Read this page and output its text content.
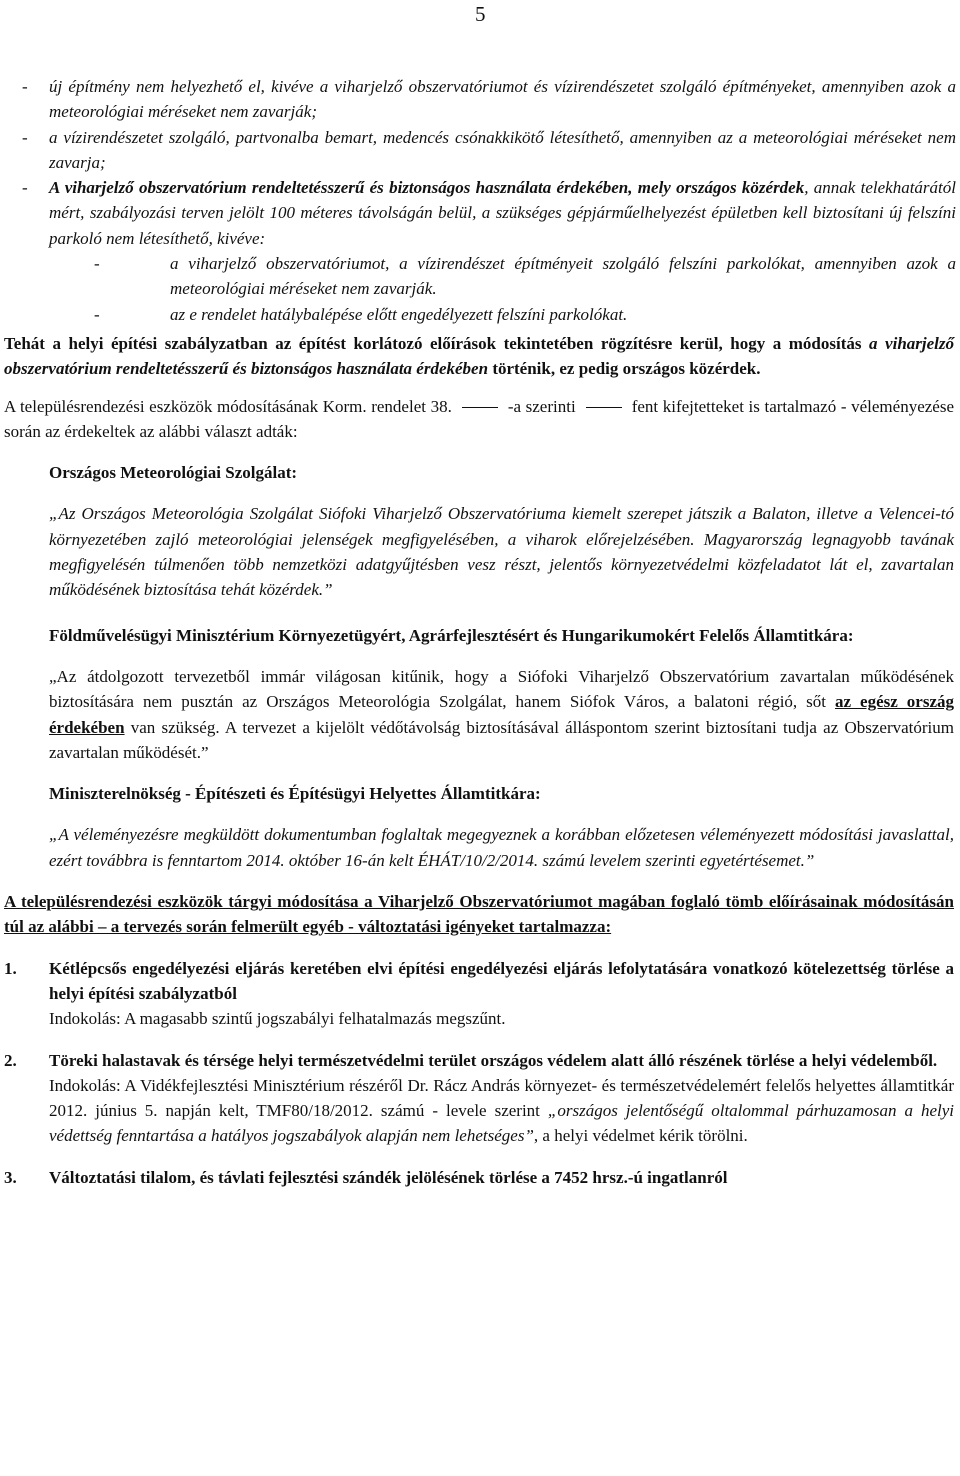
5
- új építmény nem helyezhető el, kivéve a viharjelző obszervatóriumot és vízirendészetet szolgáló építményeket, amennyiben azok a meteorológiai méréseket nem zavarják;
- a vízirendészetet szolgáló, partvonalba bemart, medencés csónakkikötő létesíthető, amennyiben az a meteorológiai méréseket nem zavarja;
- A viharjelző obszervatórium rendeltetésszerű és biztonságos használata érdekében, mely országos közérdek, annak telekhatárától mért, szabályozási terven jelölt 100 méteres távolságán belül, a szükséges gépjárműelhelyezést épületben kell biztosítani új felszíni parkoló nem létesíthető, kivéve:
-	a viharjelző obszervatóriumot, a vízirendészet építményeit szolgáló felszíni parkolókat, amennyiben azok a meteorológiai méréseket nem zavarják.
-	az e rendelet hatálybalépése előtt engedélyezett felszíni parkolókat.
Tehát a helyi építési szabályzatban az építést korlátozó előírások tekintetében rögzítésre kerül, hogy a módosítás a viharjelző obszervatórium rendeltetésszerű és biztonságos használata érdekében történik, ez pedig országos közérdek.
A településrendezési eszközök módosításának Korm. rendelet 38.	-a szerinti	fent kifejtetteket is tartalmazó - véleményezése során az érdekeltek az alábbi választ adták:
Országos Meteorológiai Szolgálat:
„Az Országos Meteorológia Szolgálat Siófoki Viharjelző Obszervatóriuma kiemelt szerepet játszik a Balaton, illetve a Velencei-tó környezetében zajló meteorológiai jelenségek megfigyelésében, a viharok előrejelzésében. Magyarország legnagyobb tavának megfigyelésén túlmenően több nemzetközi adatgyűjtésben vesz részt, jelentős környezetvédelmi közfeladatot lát el, zavartalan működésének biztosítása tehát közérdek.”
Földművelésügyi Minisztérium Környezetügyért, Agrárfejlesztésért és Hungarikumokért Felelős Államtitkára:
„Az átdolgozott tervezetből immár világosan kitűnik, hogy a Siófoki Viharjelző Obszervatórium zavartalan működésének biztosítására nem pusztán az Országos Meteorológia Szolgálat, hanem Siófok Város, a balatoni régió, sőt az egész ország érdekében van szükség. A tervezet a kijelölt védőtávolság biztosításával álláspontom szerint biztosítani tudja az Obszervatórium zavartalan működését.”
Miniszterelnökség - Építészeti és Építésügyi Helyettes Államtitkára:
„A véleményezésre megküldött dokumentumban foglaltak megegyeznek a korábban előzetesen véleményezett módosítási javaslattal, ezért továbbra is fenntartom 2014. október 16-án kelt ÉHÁT/10/2/2014. számú levelem szerinti egyetértésemet.”
A településrendezési eszközök tárgyi módosítása a Viharjelző Obszervatóriumot magában foglaló tömb előírásainak módosításán túl az alábbi – a tervezés során felmerült egyéb - változtatási igényeket tartalmazza:
1. Kétlépcsős engedélyezési eljárás keretében elvi építési engedélyezési eljárás lefolytatására vonatkozó kötelezettség törlése a helyi építési szabályzatból
Indokolás: A magasabb szintű jogszabályi felhatalmazás megszűnt.
2. Töreki halastavak és térsége helyi természetvédelmi terület országos védelem alatt álló részének törlése a helyi védelemből.
Indokolás: A Vidékfejlesztési Minisztérium részéről Dr. Rácz András környezet- és természetvédelemért felelős helyettes államtitkár 2012. június 5. napján kelt, TMF80/18/2012. számú - levele szerint „országos jelentőségű oltalommal párhuzamosan a helyi védettség fenntartása a hatályos jogszabályok alapján nem lehetséges”, a helyi védelmet kérik törölni.
3. Változtatási tilalom, és távlati fejlesztési szándék jelölésének törlése a 7452 hrsz.-ú ingatlanról
